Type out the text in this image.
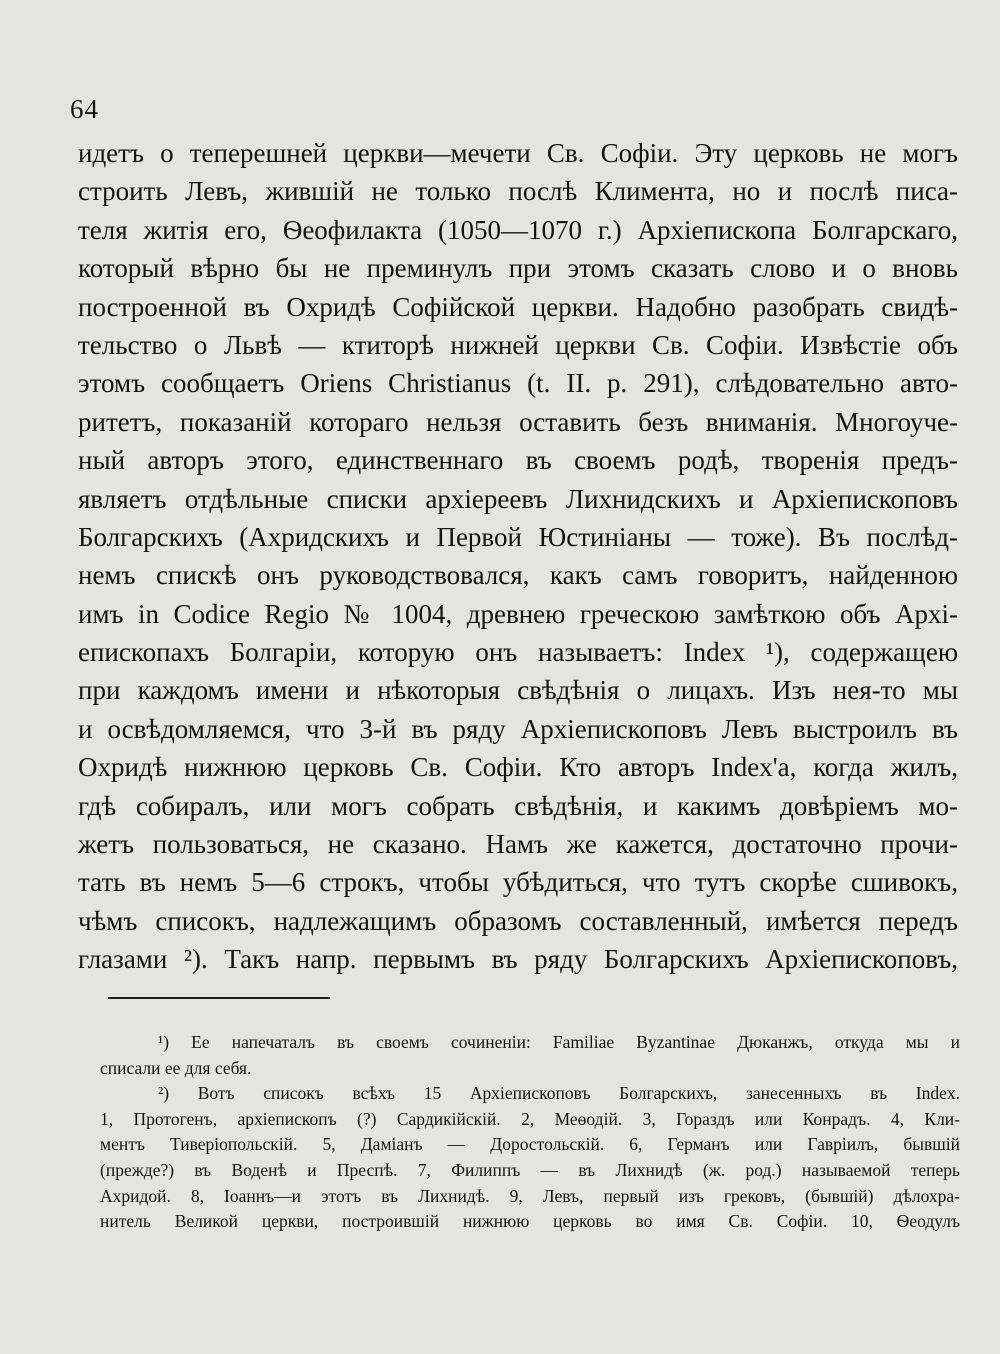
64
идетъ о теперешней церкви—мечети Св. Софіи. Эту церковь не могъ
строить Левъ, жившій не только послѣ Климента, но и послѣ писа-
теля житія его, Ѳеофилакта (1050—1070 г.) Архіепископа Болгарскаго,
который вѣрно бы не преминулъ при этомъ сказать слово и о вновь
построенной въ Охридѣ Софійской церкви. Надобно разобрать свидѣ-
тельство о Львѣ — ктиторѣ нижней церкви Св. Софіи. Извѣстіе объ
этомъ сообщаетъ Oriens Christianus (t. II. p. 291), слѣдовательно авто-
ритетъ, показаній котораго нельзя оставить безъ вниманія. Многоуче-
ный авторъ этого, единственнаго въ своемъ родѣ, творенія предъ-
являетъ отдѣльные списки архіереевъ Лихнидскихъ и Архіепископовъ
Болгарскихъ (Ахридскихъ и Первой Юстиніаны — тоже). Въ послѣд-
немъ спискѣ онъ руководствовался, какъ самъ говоритъ, найденною
имъ in Codice Regio № 1004, древнею греческою замѣткою объ Архі-
епископахъ Болгаріи, которую онъ называетъ: Index ¹), содержащею
при каждомъ имени и нѣкоторыя свѣдѣнія о лицахъ. Изъ нея-то мы
и освѣдомляемся, что 3-й въ ряду Архіепископовъ Левъ выстроилъ въ
Охридѣ нижнюю церковь Св. Софіи. Кто авторъ Index'а, когда жилъ,
гдѣ собиралъ, или могъ собрать свѣдѣнія, и какимъ довѣріемъ мо-
жетъ пользоваться, не сказано. Намъ же кажется, достаточно прочи-
тать въ немъ 5—6 строкъ, чтобы убѣдиться, что тутъ скорѣе сшивокъ,
чѣмъ списокъ, надлежащимъ образомъ составленный, имѣется передъ
глазами ²). Такъ напр. первымъ въ ряду Болгарскихъ Архіепископовъ,
¹) Ее напечаталъ въ своемъ сочиненіи: Familiae Byzantinae Дюканжъ, откуда мы и
списали ее для себя.
²) Вотъ списокъ всѣхъ 15 Архіепископовъ Болгарскихъ, занесенныхъ въ Index.
1, Протогенъ, архіепископъ (?) Сардикійскій. 2, Меѳодій. 3, Гораздъ или Конрадъ. 4, Кли-
ментъ Тиверіопольскій. 5, Даміанъ — Доростольскій. 6, Германъ или Гавріилъ, бывшій
(прежде?) въ Воденѣ и Преспѣ. 7, Филиппъ — въ Лихнидѣ (ж. род.) называемой теперь
Ахридой. 8, Іоаннъ—и этотъ въ Лихнидѣ. 9, Левъ, первый изъ грековъ, (бывшій) дѣлохра-
нитель Великой церкви, построившій нижнюю церковь во имя Св. Софіи. 10, Ѳеодулъ
